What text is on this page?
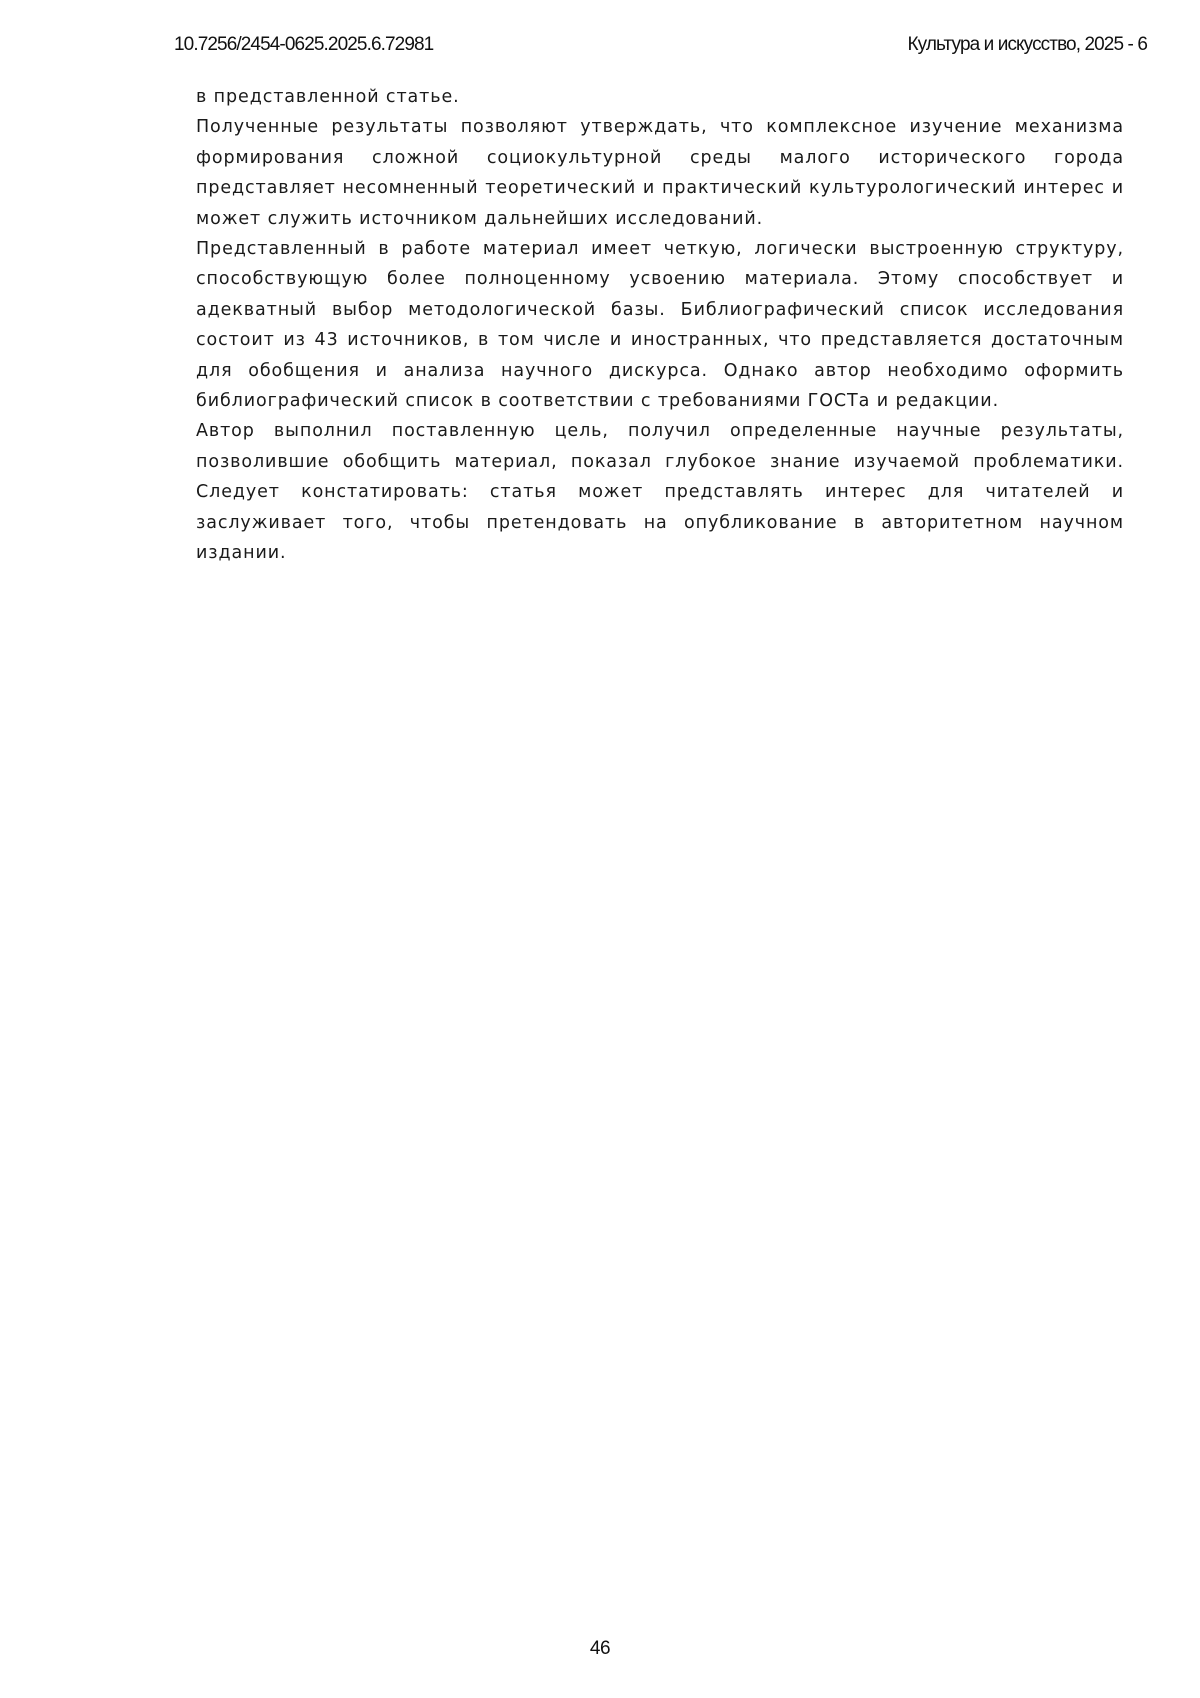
10.7256/2454-0625.2025.6.72981	Культура и искусство, 2025 - 6

в представленной статье.

Полученные результаты позволяют утверждать, что комплексное изучение механизма формирования сложной социокультурной среды малого исторического города представляет несомненный теоретический и практический культурологический интерес и может служить источником дальнейших исследований.

Представленный в работе материал имеет четкую, логически выстроенную структуру, способствующую более полноценному усвоению материала. Этому способствует и адекватный выбор методологической базы. Библиографический список исследования состоит из 43 источников, в том числе и иностранных, что представляется достаточным для обобщения и анализа научного дискурса. Однако автор необходимо оформить библиографический список в соответствии с требованиями ГОСТа и редакции.

Автор выполнил поставленную цель, получил определенные научные результаты, позволившие обобщить материал, показал глубокое знание изучаемой проблематики. Следует констатировать: статья может представлять интерес для читателей и заслуживает того, чтобы претендовать на опубликование в авторитетном научном издании.

46
